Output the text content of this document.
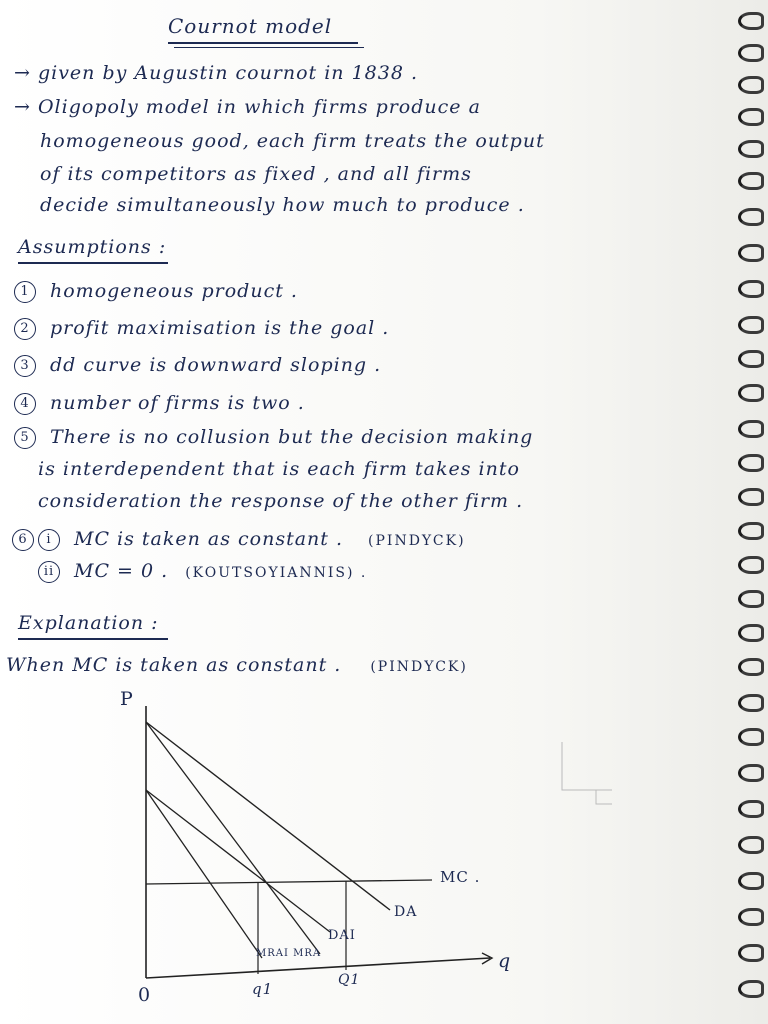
Cournot model
→ given by Augustin cournot in 1838 .
→ Oligopoly model in which firms produce a
homogeneous good, each firm treats the output
of its competitors as fixed , and all firms
decide simultaneously how much to produce .
Assumptions :
1 homogeneous product .
2 profit maximisation is the goal .
3 dd curve is downward sloping .
4 number of firms is two .
5 There is no collusion but the decision making
is interdependent that is each firm takes into
consideration the response of the other firm .
6 i MC is taken as constant . (PINDYCK)
ii MC = 0 . (KOUTSOYIANNIS) .
Explanation :
When MC is taken as constant . (PINDYCK)
P
0
q
MC .
DA
DAI
MRAI MRA
q1	Q1
